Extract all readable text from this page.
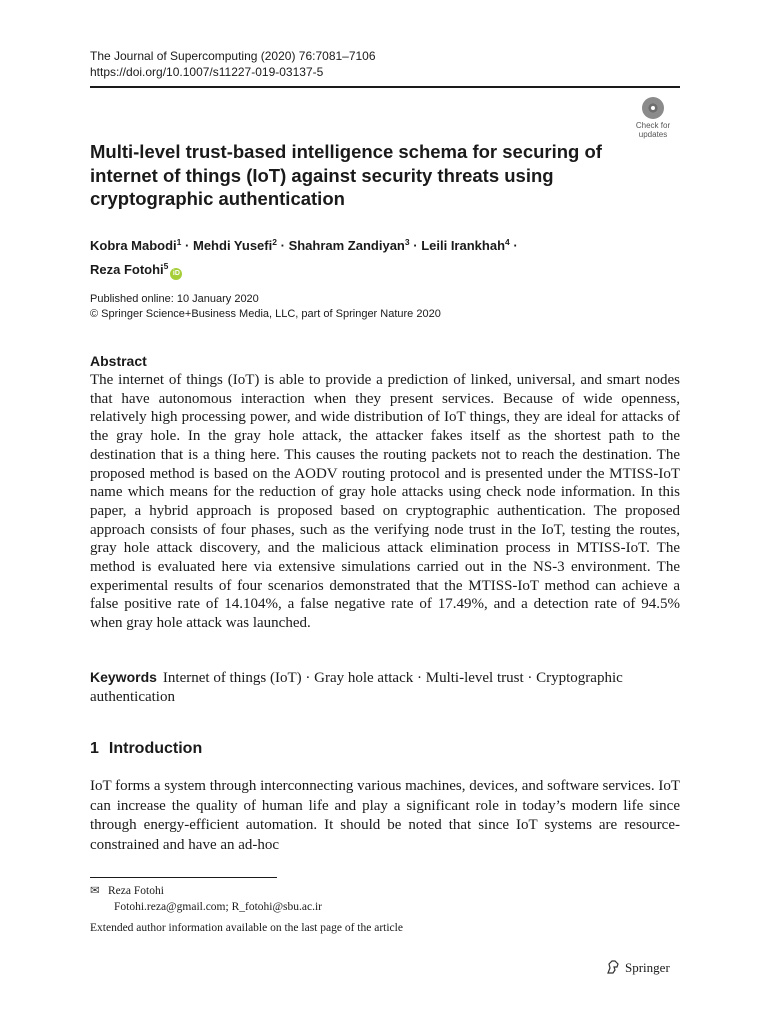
The Journal of Supercomputing (2020) 76:7081–7106
https://doi.org/10.1007/s11227-019-03137-5
Check for
updates
Multi-level trust-based intelligence schema for securing of internet of things (IoT) against security threats using cryptographic authentication
Kobra Mabodi$^1$ · Mehdi Yusefi$^2$ · Shahram Zandiyan$^3$ · Leili Irankhah$^4$ ·
Reza Fotohi$^5$iD
Published online: 10 January 2020
© Springer Science+Business Media, LLC, part of Springer Nature 2020
Abstract

The internet of things (IoT) is able to provide a prediction of linked, universal, and smart nodes that have autonomous interaction when they present services. Because of wide openness, relatively high processing power, and wide distribution of IoT things, they are ideal for attacks of the gray hole. In the gray hole attack, the attacker fakes itself as the shortest path to the destination that is a thing here. This causes the routing packets not to reach the destination. The proposed method is based on the AODV routing protocol and is presented under the MTISS-IoT name which means for the reduction of gray hole attacks using check node information. In this paper, a hybrid approach is proposed based on cryptographic authentication. The proposed approach consists of four phases, such as the verifying node trust in the IoT, testing the routes, gray hole attack discovery, and the malicious attack elimination process in MTISS-IoT. The method is evaluated here via extensive simulations carried out in the NS-3 environment. The experimental results of four scenarios demonstrated that the MTISS-IoT method can achieve a false positive rate of 14.104%, a false negative rate of 17.49%, and a detection rate of 94.5% when gray hole attack was launched.

Keywords Internet of things (IoT) · Gray hole attack · Multi-level trust · Cryptographic authentication
1 Introduction

IoT forms a system through interconnecting various machines, devices, and software services. IoT can increase the quality of human life and play a significant role in today’s modern life since through energy-efficient automation. It should be noted that since IoT systems are resource-constrained and have an ad-hoc

✉ Reza Fotohi
Fotohi.reza@gmail.com; R_fotohi@sbu.ac.ir
Extended author information available on the last page of the article
Springer
